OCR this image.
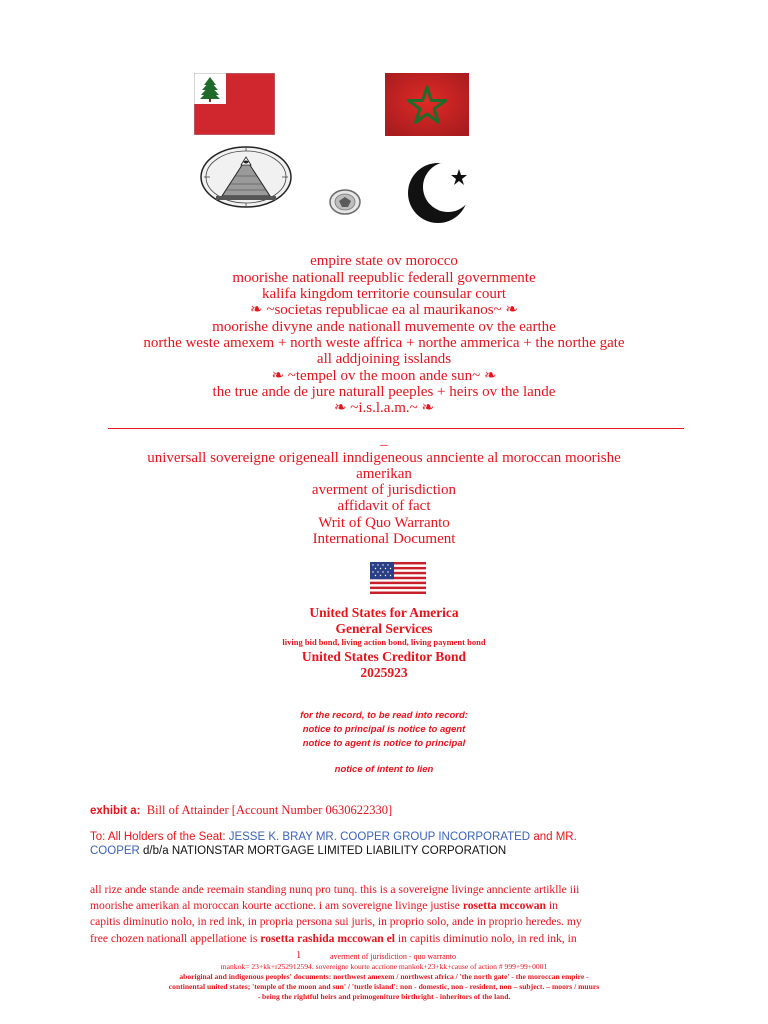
empire state ov morocco
moorishe nationall reepublic federall governmente
kalifa kingdom territorie counsular court
❧ ~societas republicae ea al maurikanos~ ❧
moorishe divyne ande nationall muvemente ov the earthe
northe weste amexem + north weste affrica + northe ammerica + the northe gate
all addjoining isslands
❧ ~tempel ov the moon ande sun~ ❧
the true ande de jure naturall peeples + heirs ov the lande
❧ ~i.s.l.a.m.~ ❧
_
universall sovereigne origeneall inndigeneous annciente al moroccan moorishe
amerikan
averment of jurisdiction
affidavit of fact
Writ of Quo Warranto
International Document
United States for America
General Services
living bid bond, living action bond, living payment bond
United States Creditor Bond
2025923
for the record, to be read into record:
notice to principal is notice to agent
notice to agent is notice to principal
notice of intent to lien
exhibit a: Bill of Attainder [Account Number 0630622330]
To: All Holders of the Seat: JESSE K. BRAY MR. COOPER GROUP INCORPORATED and MR.
COOPER d/b/a NATIONSTAR MORTGAGE LIMITED LIABILITY CORPORATION
all rize ande stande ande reemain standing nunq pro tunq. this is a sovereigne livinge annciente artiklle iii
moorishe amerikan al moroccan kourte acctione. i am sovereigne livinge justise rosetta mccowan in
capitis diminutio nolo, in red ink, in propria persona sui juris, in proprio solo, ande in proprio heredes. my
free chozen nationall appellatione is rosetta rashida mccowan el in capitis diminutio nolo, in red ink, in
1	averment of jurisdiction - quo warranto
mankok= 23+kk+r252912594. sovereigne kourte acctione mankok+23+kk+cause of action # 999+99+0001
aboriginal and indigenous peoples' documents: northwest amexem / northwest africa / 'the north gate' - the moroccan empire -
continental united states; 'temple of the moon and sun' / 'turtle island': non - domestic, non - resident, non – subject. – moors / muurs
- being the rightful heirs and primogeniture birthright - inheritors of the land.
